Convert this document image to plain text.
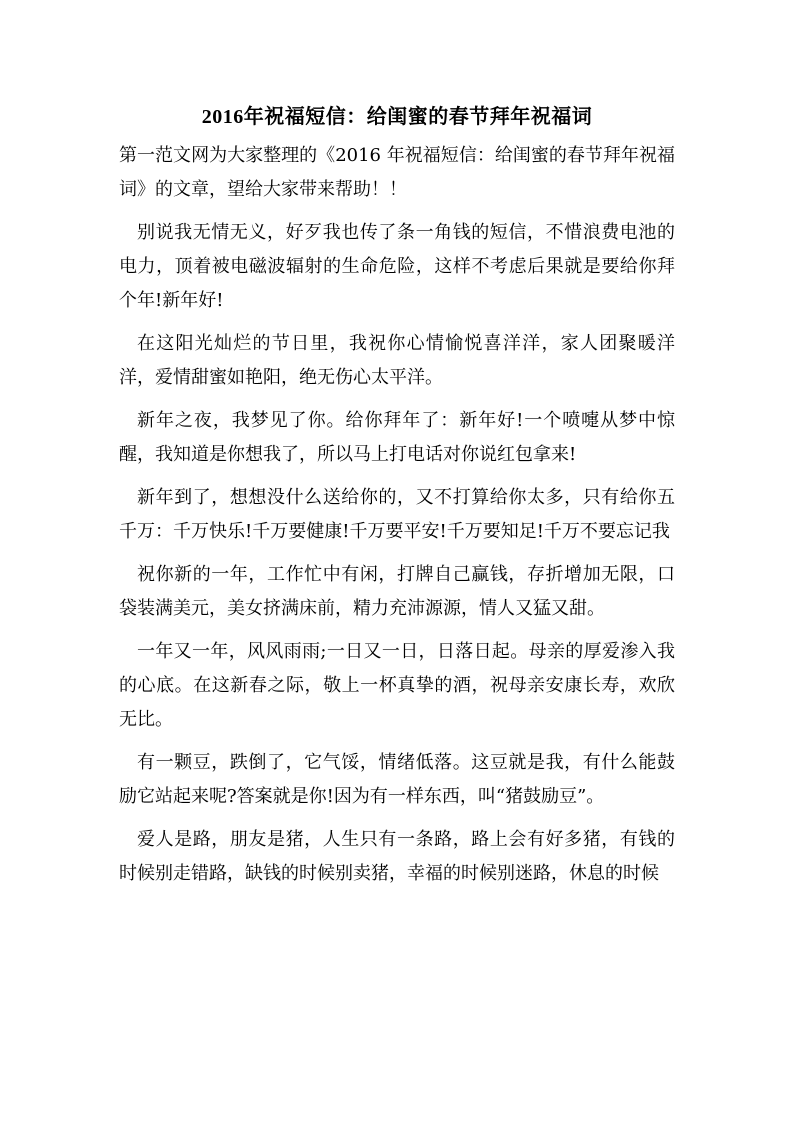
2016年祝福短信：给闺蜜的春节拜年祝福词

第一范文网为大家整理的《2016 年祝福短信：给闺蜜的春节拜年祝福词》的文章，望给大家带来帮助！！

别说我无情无义，好歹我也传了条一角钱的短信，不惜浪费电池的电力，顶着被电磁波辐射的生命危险，这样不考虑后果就是要给你拜个年!新年好!

在这阳光灿烂的节日里，我祝你心情愉悦喜洋洋，家人团聚暖洋洋，爱情甜蜜如艳阳，绝无伤心太平洋。

新年之夜，我梦见了你。给你拜年了：新年好!一个喷嚏从梦中惊醒，我知道是你想我了，所以马上打电话对你说红包拿来!

新年到了，想想没什么送给你的，又不打算给你太多，只有给你五千万：千万快乐!千万要健康!千万要平安!千万要知足!千万不要忘记我

祝你新的一年，工作忙中有闲，打牌自己赢钱，存折增加无限，口袋装满美元，美女挤满床前，精力充沛源源，情人又猛又甜。

一年又一年，风风雨雨;一日又一日，日落日起。母亲的厚爱渗入我的心底。在这新春之际，敬上一杯真挚的酒，祝母亲安康长寿，欢欣无比。

有一颗豆，跌倒了，它气馁，情绪低落。这豆就是我，有什么能鼓励它站起来呢?答案就是你!因为有一样东西，叫“猪鼓励豆”。

爱人是路，朋友是猪，人生只有一条路，路上会有好多猪，有钱的时候别走错路，缺钱的时候别卖猪，幸福的时候别迷路，休息的时候
